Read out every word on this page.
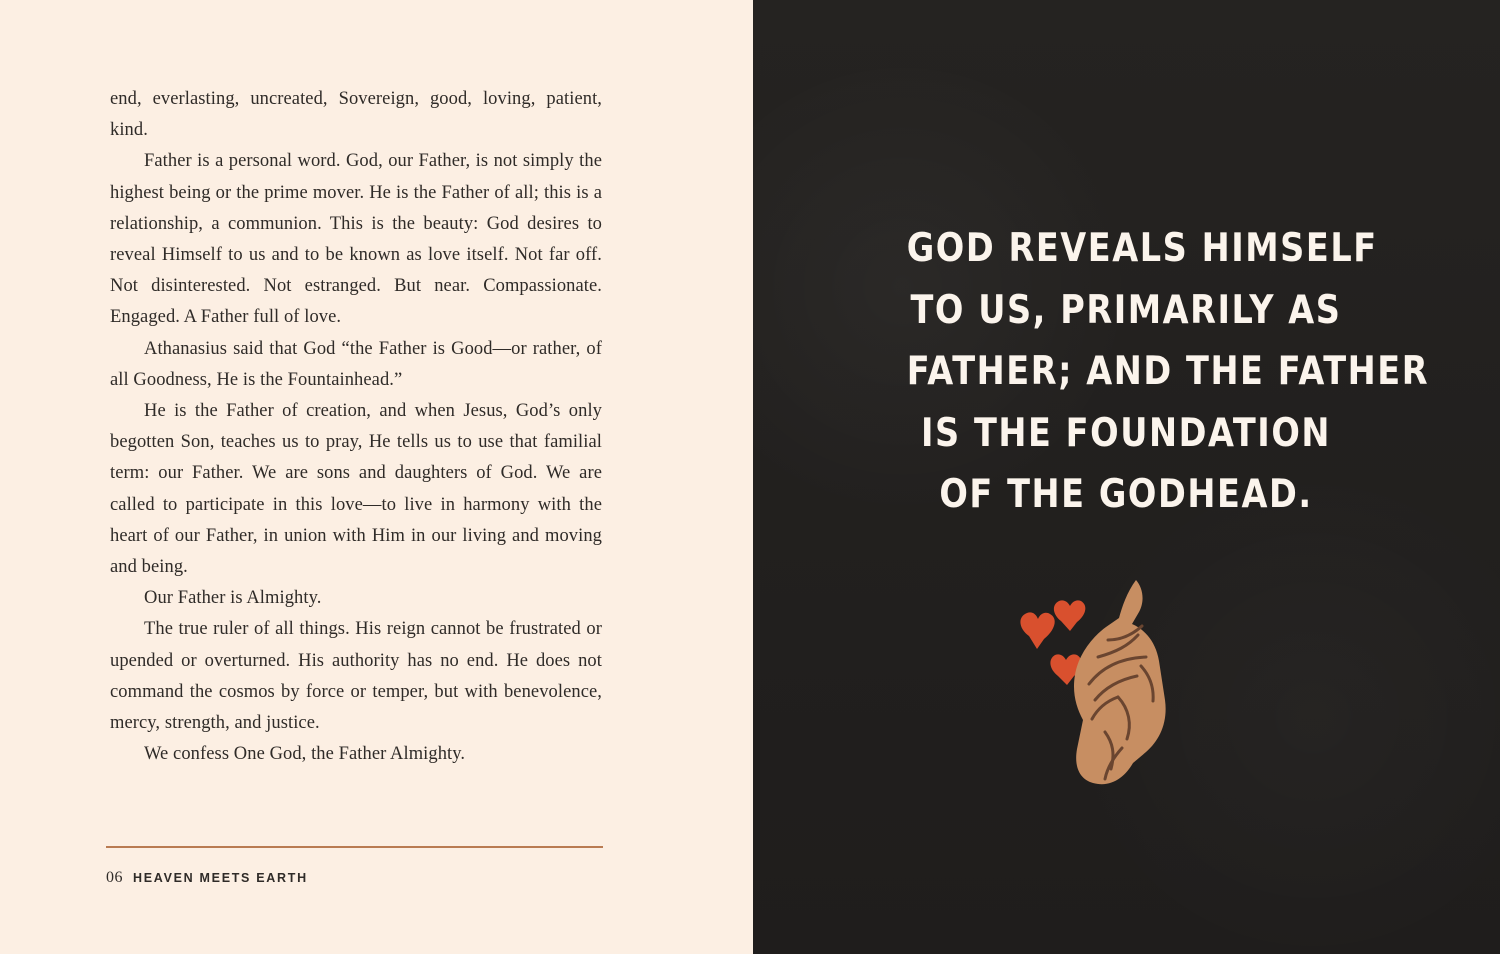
end, everlasting, uncreated, Sovereign, good, loving, patient, kind.

Father is a personal word. God, our Father, is not simply the highest being or the prime mover. He is the Father of all; this is a relationship, a communion. This is the beauty: God desires to reveal Himself to us and to be known as love itself. Not far off. Not disinterested. Not estranged. But near. Compassionate. Engaged. A Father full of love.

Athanasius said that God “the Father is Good—or rather, of all Goodness, He is the Fountainhead.”

He is the Father of creation, and when Jesus, God’s only begotten Son, teaches us to pray, He tells us to use that familial term: our Father. We are sons and daughters of God. We are called to participate in this love—to live in harmony with the heart of our Father, in union with Him in our living and moving and being.

Our Father is Almighty.

The true ruler of all things. His reign cannot be frustrated or upended or overturned. His authority has no end. He does not command the cosmos by force or temper, but with benevolence, mercy, strength, and justice.

We confess One God, the Father Almighty.

06 HEAVEN MEETS EARTH
GOD REVEALS HIMSELF
TO US, PRIMARILY AS
FATHER; AND THE FATHER
IS THE FOUNDATION
OF THE GODHEAD.
